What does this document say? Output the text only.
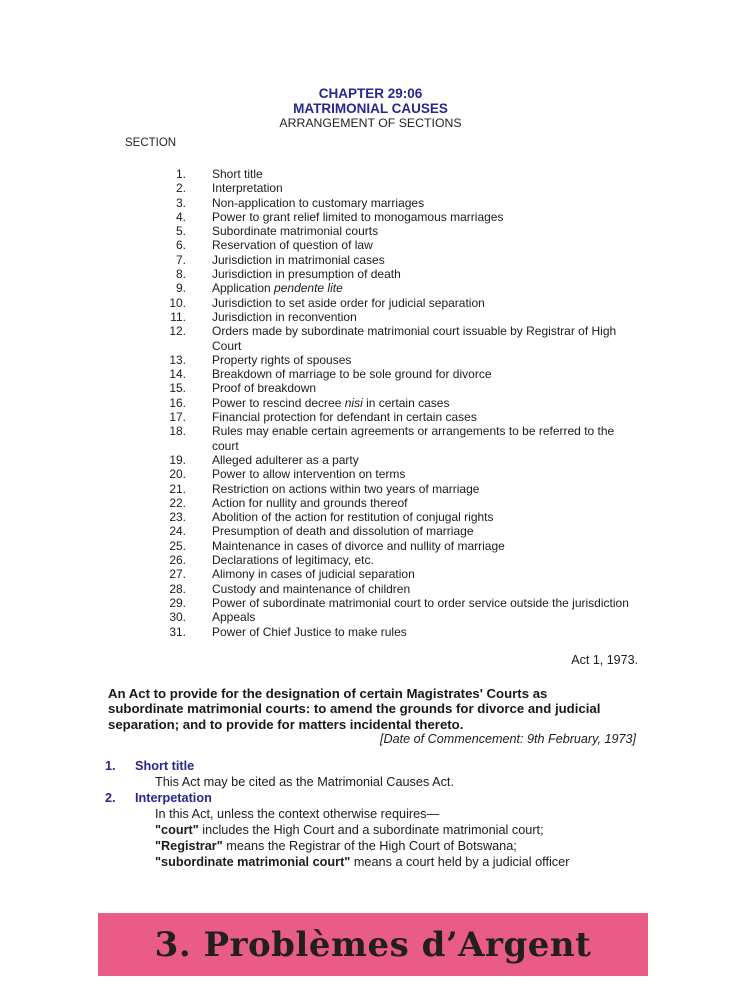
CHAPTER 29:06
MATRIMONIAL CAUSES
ARRANGEMENT OF SECTIONS
SECTION
1. Short title
2. Interpretation
3. Non-application to customary marriages
4. Power to grant relief limited to monogamous marriages
5. Subordinate matrimonial courts
6. Reservation of question of law
7. Jurisdiction in matrimonial cases
8. Jurisdiction in presumption of death
9. Application pendente lite
10. Jurisdiction to set aside order for judicial separation
11. Jurisdiction in reconvention
12. Orders made by subordinate matrimonial court issuable by Registrar of High Court
13. Property rights of spouses
14. Breakdown of marriage to be sole ground for divorce
15. Proof of breakdown
16. Power to rescind decree nisi in certain cases
17. Financial protection for defendant in certain cases
18. Rules may enable certain agreements or arrangements to be referred to the court
19. Alleged adulterer as a party
20. Power to allow intervention on terms
21. Restriction on actions within two years of marriage
22. Action for nullity and grounds thereof
23. Abolition of the action for restitution of conjugal rights
24. Presumption of death and dissolution of marriage
25. Maintenance in cases of divorce and nullity of marriage
26. Declarations of legitimacy, etc.
27. Alimony in cases of judicial separation
28. Custody and maintenance of children
29. Power of subordinate matrimonial court to order service outside the jurisdiction
30. Appeals
31. Power of Chief Justice to make rules
Act 1, 1973.
An Act to provide for the designation of certain Magistrates' Courts as
subordinate matrimonial courts: to amend the grounds for divorce and judicial
separation; and to provide for matters incidental thereto.
[Date of Commencement: 9th February, 1973]
1.	Short title
This Act may be cited as the Matrimonial Causes Act.
2.	Interpetation
In this Act, unless the context otherwise requires—
"court" includes the High Court and a subordinate matrimonial court;
"Registrar" means the Registrar of the High Court of Botswana;
"subordinate matrimonial court" means a court held by a judicial officer
3. Problèmes d’Argent
